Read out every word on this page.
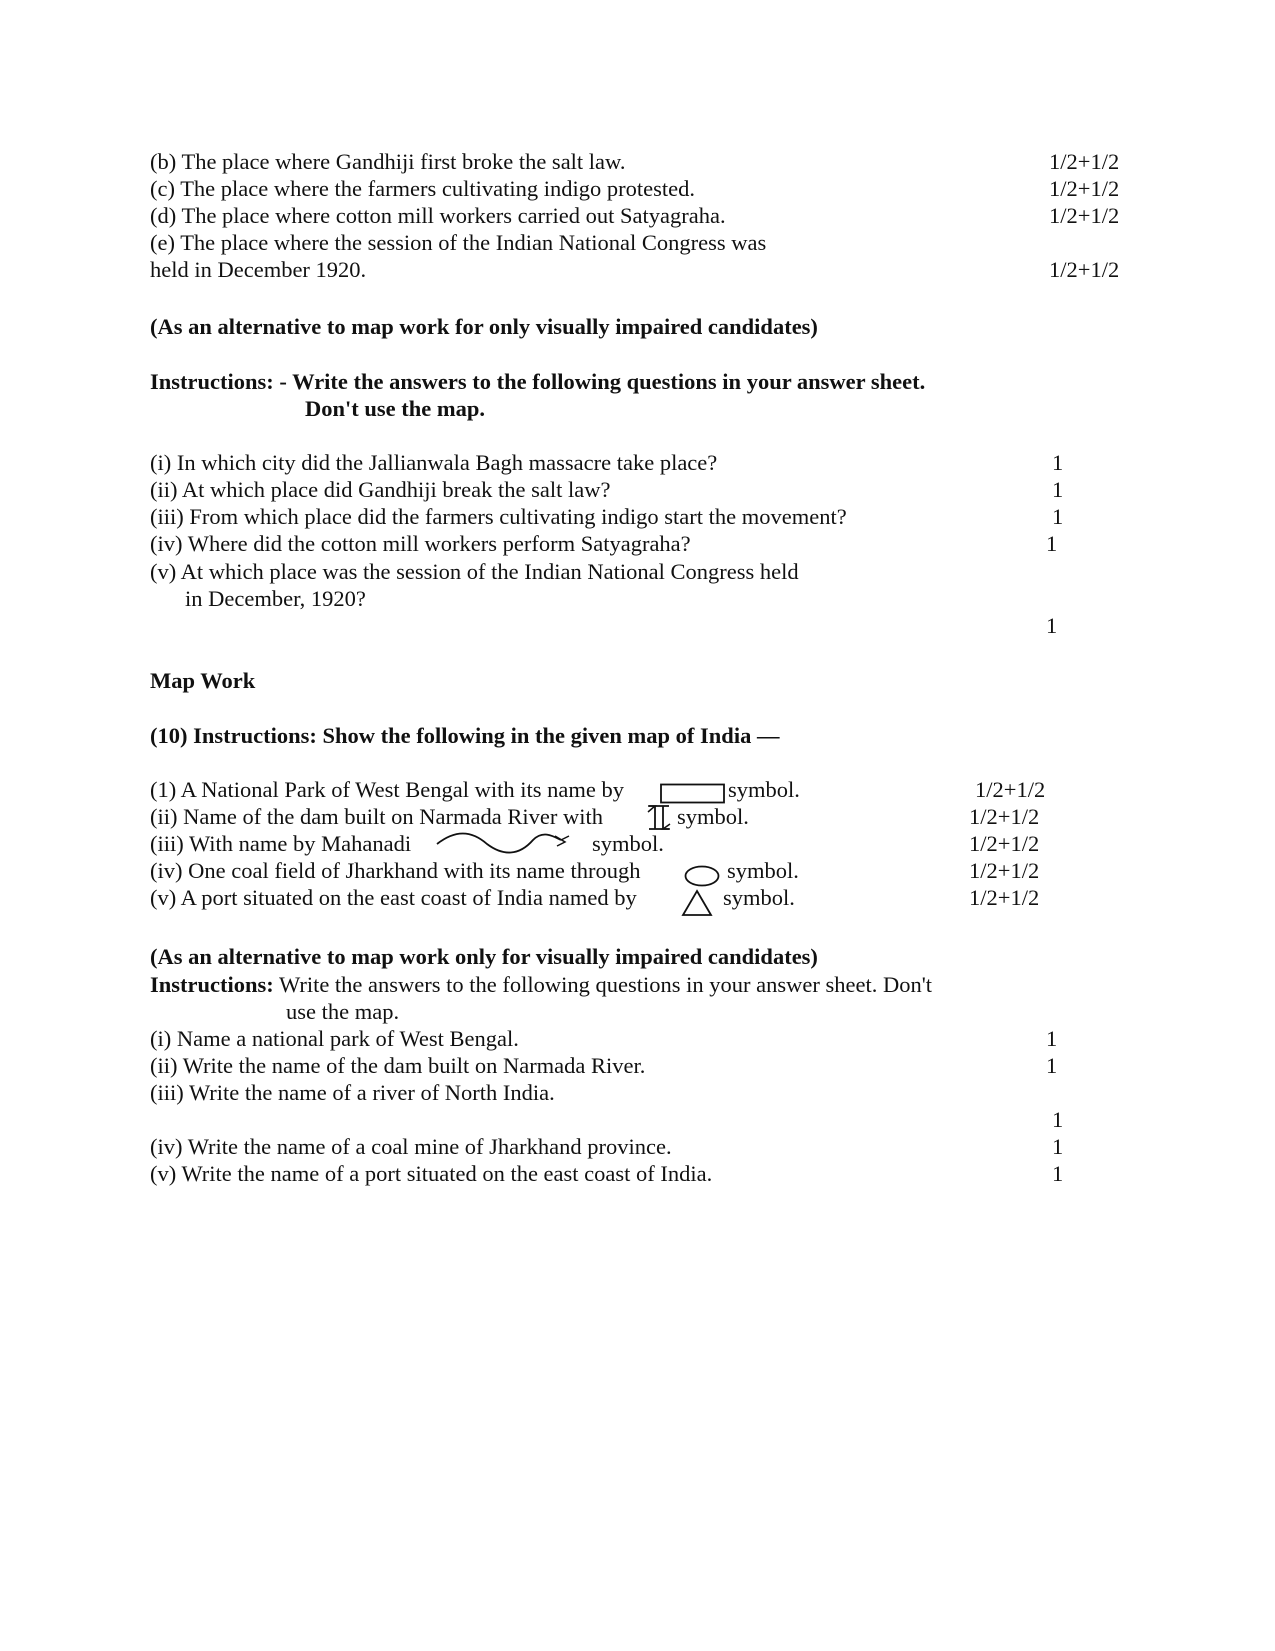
(b) The place where Gandhiji first broke the salt law.	1/2+1/2
(c) The place where the farmers cultivating indigo protested.	1/2+1/2
(d) The place where cotton mill workers carried out Satyagraha.	1/2+1/2
(e) The place where the session of the Indian National Congress was
held in December 1920.	1/2+1/2
(As an alternative to map work for only visually impaired candidates)
Instructions: - Write the answers to the following questions in your answer sheet.
Don't use the map.
(i) In which city did the Jallianwala Bagh massacre take place?	1
(ii) At which place did Gandhiji break the salt law?	1
(iii) From which place did the farmers cultivating indigo start the movement?	1
(iv) Where did the cotton mill workers perform Satyagraha?	1
(v) At which place was the session of the Indian National Congress held
in December, 1920?
1
Map Work
(10) Instructions: Show the following in the given map of India —
(1) A National Park of West Bengal with its name by	symbol.	1/2+1/2
(ii) Name of the dam built on Narmada River with	symbol.	1/2+1/2
(iii) With name by Mahanadi	symbol.	1/2+1/2
(iv) One coal field of Jharkhand with its name through	symbol.	1/2+1/2
(v) A port situated on the east coast of India named by	symbol.	1/2+1/2
(As an alternative to map work only for visually impaired candidates)
Instructions: Write the answers to the following questions in your answer sheet. Don't
use the map.
(i) Name a national park of West Bengal.	1
(ii) Write the name of the dam built on Narmada River.	1
(iii) Write the name of a river of North India.
1
(iv) Write the name of a coal mine of Jharkhand province.	1
(v) Write the name of a port situated on the east coast of India.	1
